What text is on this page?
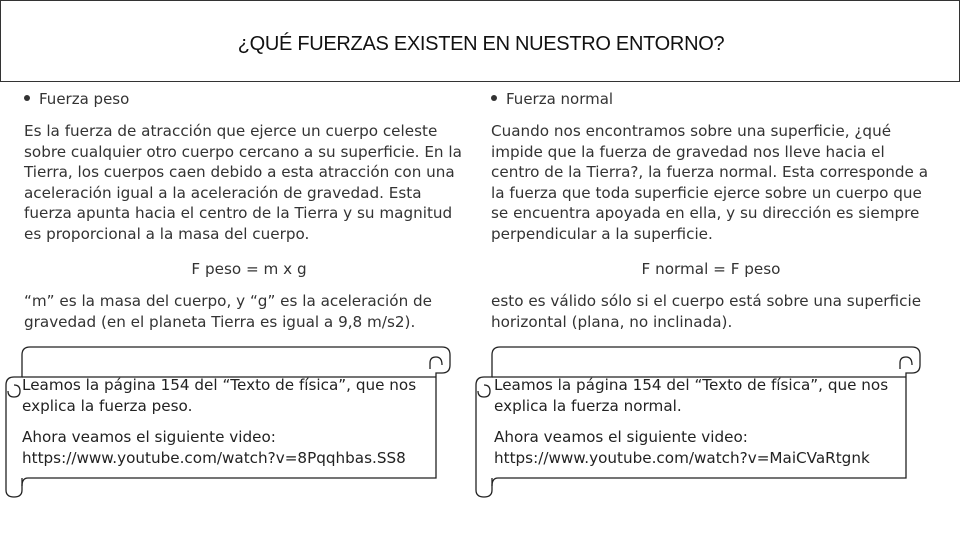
¿QUÉ FUERZAS EXISTEN EN NUESTRO ENTORNO?
Fuerza peso
Es la fuerza de atracción que ejerce un cuerpo celeste sobre cualquier otro cuerpo cercano a su superficie. En la Tierra, los cuerpos caen debido a esta atracción con una aceleración igual a la aceleración de gravedad. Esta fuerza apunta hacia el centro de la Tierra y su magnitud es proporcional a la masa del cuerpo.
F peso = m x g
“m” es la masa del cuerpo, y “g” es la aceleración de gravedad (en el planeta Tierra es igual a 9,8 m/s2).
Fuerza normal
Cuando nos encontramos sobre una superficie, ¿qué impide que la fuerza de gravedad nos lleve hacia el centro de la Tierra?, la fuerza normal. Esta corresponde a la fuerza que toda superficie ejerce sobre un cuerpo que se encuentra apoyada en ella, y su dirección es siempre perpendicular a la superficie.
F normal = F peso
esto es válido sólo si el cuerpo está sobre una superficie horizontal (plana, no inclinada).

Leamos la página 154 del “Texto de física”, que nos explica la fuerza peso.

Ahora veamos el siguiente video:
https://www.youtube.com/watch?v=8Pqqhbas.SS8

Leamos la página 154 del “Texto de física”, que nos explica la fuerza normal.

Ahora veamos el siguiente video:
https://www.youtube.com/watch?v=MaiCVaRtgnk
